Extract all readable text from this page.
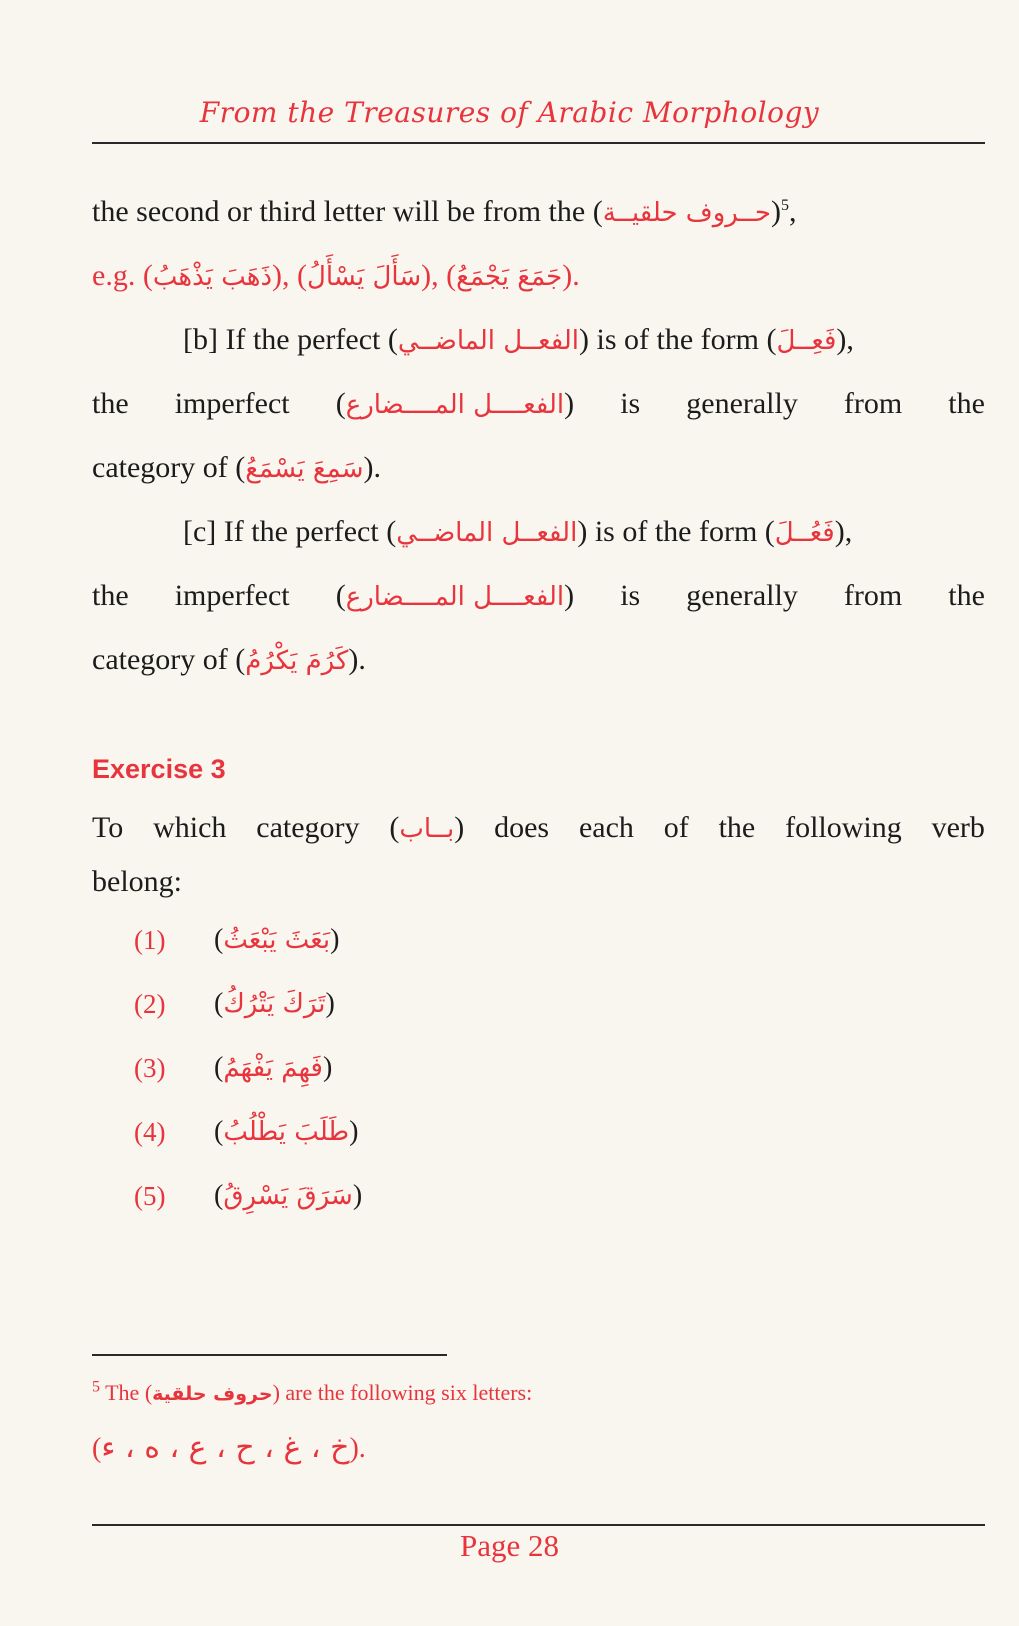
From the Treasures of Arabic Morphology
the second or third letter will be from the (حــروف حلقيــة)$^5$,
e.g. (ذَهَبَ يَذْهَبُ), (سَأَلَ يَسْأَلُ), (جَمَعَ يَجْمَعُ).
[b] If the perfect (الفعــل الماضــي) is of the form (فَعِــلَ),
the imperfect (الفعــــل المــــضارع) is generally from the
category of (سَمِعَ يَسْمَعُ).
[c] If the perfect (الفعــل الماضــي) is of the form (فَعُــلَ),
the imperfect (الفعــــل المــــضارع) is generally from the
category of (كَرُمَ يَكْرُمُ).
Exercise 3
To which category (بــاب) does each of the following verb
belong:
(1)	( بَعَثَ يَبْعَثُ )
(2)	( تَرَكَ يَتْرُكُ )
(3)	( فَهِمَ يَفْهَمُ )
(4)	( طَلَبَ يَطْلُبُ )
(5)	( سَرَقَ يَسْرِقُ )
$^5$ The (حروف حلقية) are the following six letters:
(خ ، غ ، ح ، ع ، ه ، ء).
Page 28
